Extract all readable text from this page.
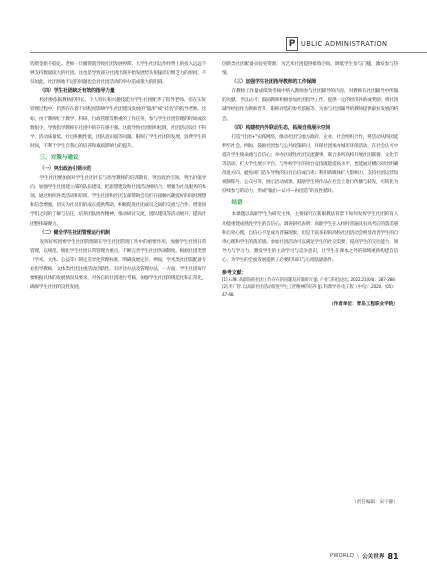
P UBLIC ADMINISTRATION

钩资金新不稳定。老师一旦撤资就导致社团发展停滞。大学生社团运作经费上的投入远远不够支持数量庞大的社团。这也是导致部分社团出现开始发展势头很猛但后继乏力的原因。不仅如此，社团场地不足的问题也会对社团活动的举办造成很大的阻碍。

（四）学生社团缺乏有效的指导力量

校团委依据教师的特长、个人特长和兴趣技能为学生社团配齐了指导老师。但在实际管理过程中，仍然存在着不同程度影响学生社团建设发展的“隐形”或“挂名”的指导老师。比如，由于教师忙于教学、科研、行政管理等繁重的工作任务，参与学生社团管理的时间或次数很少，导致指导教师在社团中的存在感不强。这就导致社团组织松散，社团活动设计不科学，活动质量低，社员积极性低，团队意识弱等问题。限制了学生社团的发展，浪费学生的时间，不利于学生自我心的培养和素质影响力的提升。

三、对策与建议

（一）突出政治引领示范

学生社团要加强对学生社团社长与指导教师的培训教育，突出政治引领，突出价值导向，加强学生社团建立部的队伍建设，把思想建设和社团活动相结合，增强为社员服务的本领。通过组织各类活动和培训，学生社团和社团支部帮助会员们在接触兴趣爱好的同时理想和信念增强，切实为社员们的成长提供帮助，积极促进社团成员之间的交流与合作，增进同学们之间的了解与信任，培养团队协作精神，推动研讨交流，团队建设等活动展开，提高社团整体凝聚力。

（二）健全学生社团管理运行机制

发挥好校团委学生社团管理部在学生社团管理工作中的重要作用，加强学生社团日常管理，以规范、细化学生社团日常管理为重点，不断完善学生社团各项制度。根据社团类型（学术、文体、公益等）制定差异化管理标准，明确发展定位。例如，学术类社团需配备专业指导教师，文体类社团注重活动创新性。有评比办法及管理办法，一方面，学生社团每年要根据具体的发展情况及要求，对各自的社团进行考核。加强学生社团的规范化和正常化，确保学生社团的良性发展。

创新类社团配备实验室资源，为艺术社团提供排练空间，降低学生参与门槛，激发参与热情。

（三）加强学生社团指导教师的工作保障

在教师工作量成绩效考核中纳入教师参与社团辅导的内容，对教师在社团辅导中所做的贡献，予以认可；鼓励教师积极参加社团指导工作，提供一定的经济补助或奖励；将社团辅导经验作为教师晋升、职称评选的参考依据等，为参与社团辅导的教师提供职业发展的机会。

（四）构建校内外联动生态，拓展自我展示空间

打造“社团+”实践网络，推动社团与地方政府、企业、社会组织合作，将活动从校园延伸至社会。例如，鼓励社团参与公共政策研讨，环保社团承办城市环保活动，在社会认可中提升学生使命感与自信心；举办区域性社团交流赛事，联合多所高校开展社团联赛、文化节等活动，扩大学生展示平台。与外校学生的同台竞技既能提高水平，也能通过横向对比明确改进方向，避免闭门造车导致的盲目自信或自卑；利用新媒体扩大影响力，支持社团运营短视频账号、公众号等，展示活动成果，鼓励学生将作品在社会上进行传播与转发，可转化为持续参与的动力，形成“输出—认可—再创造”的良性循环。

结语

本课题以高职学生为研究主体，主要探究在新职教法背景下如何发挥学生社团的育人功能重建成熟性学生的自信心。调查研究表明：高职学生在入校时普遍具有高考后的落差感和自卑心理，自信心不足成为普遍现象。但是丰富多彩的高校社团活动会明显改善学生的自卑心理和学生的落差感。参加社团活动可以满足学生的社交需要，提高学生的交往能力、领导力与学习力，激发学生的主动学习与竞争意识，让学生在课本之外的领域重新构建自信心，为学生的全面发展提供了必要的知识与心理基础条件。

参考文献：

[1] 石琳. 高职院校社团工作存在的问题及对策研究 [J]. 产业与科技论坛, 2022,21(04)：287-288

[2] 李广智. 以高职社团活动促进学生工匠精神的培养 [J]. 科教导刊-电子版（中旬）,2020,（05)：47-48.

（作者单位：青岛工程职业学院）
（责任编辑：宋宇静）
PWORLD \ 公关世界 81
